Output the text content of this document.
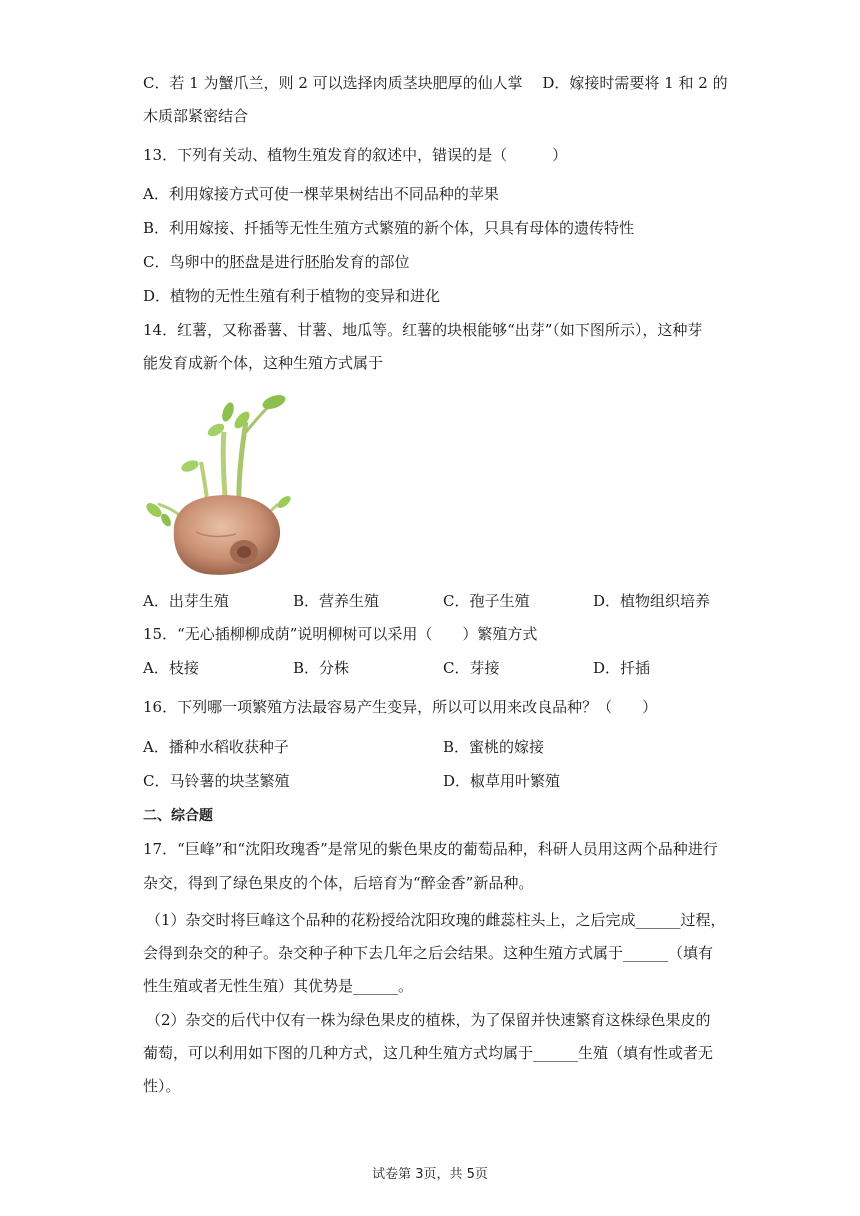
C．若 1 为蟹爪兰，则 2 可以选择肉质茎块肥厚的仙人掌　 D．嫁接时需要将 1 和 2 的
木质部紧密结合
13．下列有关动、植物生殖发育的叙述中，错误的是（　　　）
A．利用嫁接方式可使一棵苹果树结出不同品种的苹果
B．利用嫁接、扦插等无性生殖方式繁殖的新个体，只具有母体的遗传特性
C．鸟卵中的胚盘是进行胚胎发育的部位
D．植物的无性生殖有利于植物的变异和进化
14．红薯，又称番薯、甘薯、地瓜等。红薯的块根能够“出芽”（如下图所示），这种芽
能发育成新个体，这种生殖方式属于
A．出芽生殖	B．营养生殖	C．孢子生殖	D．植物组织培养
15．“无心插柳柳成荫”说明柳树可以采用（　　）繁殖方式
A．枝接	B．分株	C．芽接	D．扦插
16．下列哪一项繁殖方法最容易产生变异，所以可以用来改良品种？（　　）
A．播种水稻收获种子	B．蜜桃的嫁接
C．马铃薯的块茎繁殖	D．椒草用叶繁殖
二、综合题
17．“巨峰”和“沈阳玫瑰香”是常见的紫色果皮的葡萄品种，科研人员用这两个品种进行
杂交，得到了绿色果皮的个体，后培育为“醉金香”新品种。
（1）杂交时将巨峰这个品种的花粉授给沈阳玫瑰的雌蕊柱头上，之后完成______过程，
会得到杂交的种子。杂交种子种下去几年之后会结果。这种生殖方式属于______（填有
性生殖或者无性生殖）其优势是______。
（2）杂交的后代中仅有一株为绿色果皮的植株，为了保留并快速繁育这株绿色果皮的
葡萄，可以利用如下图的几种方式，这几种生殖方式均属于______生殖（填有性或者无
性）。
试卷第 3页，共 5页
